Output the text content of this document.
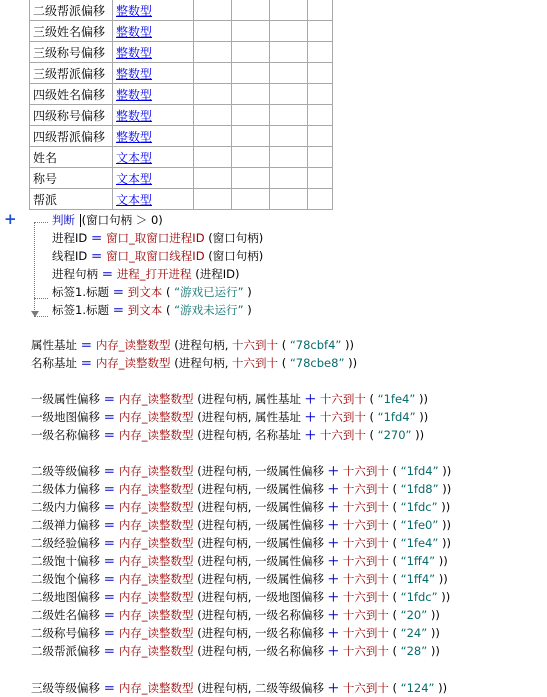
二级帮派偏移	整数型				
三级姓名偏移	整数型				
三级称号偏移	整数型				
三级帮派偏移	整数型				
四级姓名偏移	整数型				
四级称号偏移	整数型				
四级帮派偏移	整数型				
姓名	文本型				
称号	文本型				
帮派	文本型				
+	判断 (窗口句柄 ＞ 0)
进程ID ＝ 窗口_取窗口进程ID (窗口句柄)
线程ID ＝ 窗口_取窗口线程ID (窗口句柄)
进程句柄 ＝ 进程_打开进程 (进程ID)
标签1.标题 ＝ 到文本 ( “游戏已运行” )
标签1.标题 ＝ 到文本 ( “游戏未运行” )
属性基址 ＝ 内存_读整数型 (进程句柄, 十六到十 ( “78cbf4” ))
名称基址 ＝ 内存_读整数型 (进程句柄, 十六到十 ( “78cbe8” ))
一级属性偏移 ＝ 内存_读整数型 (进程句柄, 属性基址 ＋ 十六到十 ( “1fe4” ))
一级地图偏移 ＝ 内存_读整数型 (进程句柄, 属性基址 ＋ 十六到十 ( “1fd4” ))
一级名称偏移 ＝ 内存_读整数型 (进程句柄, 名称基址 ＋ 十六到十 ( “270” ))
二级等级偏移 ＝ 内存_读整数型 (进程句柄, 一级属性偏移 ＋ 十六到十 ( “1fd4” ))
二级体力偏移 ＝ 内存_读整数型 (进程句柄, 一级属性偏移 ＋ 十六到十 ( “1fd8” ))
二级内力偏移 ＝ 内存_读整数型 (进程句柄, 一级属性偏移 ＋ 十六到十 ( “1fdc” ))
二级禅力偏移 ＝ 内存_读整数型 (进程句柄, 一级属性偏移 ＋ 十六到十 ( “1fe0” ))
二级经验偏移 ＝ 内存_读整数型 (进程句柄, 一级属性偏移 ＋ 十六到十 ( “1fe4” ))
二级饱十偏移 ＝ 内存_读整数型 (进程句柄, 一级属性偏移 ＋ 十六到十 ( “1ff4” ))
二级饱个偏移 ＝ 内存_读整数型 (进程句柄, 一级属性偏移 ＋ 十六到十 ( “1ff4” ))
二级地图偏移 ＝ 内存_读整数型 (进程句柄, 一级地图偏移 ＋ 十六到十 ( “1fdc” ))
二级姓名偏移 ＝ 内存_读整数型 (进程句柄, 一级名称偏移 ＋ 十六到十 ( “20” ))
二级称号偏移 ＝ 内存_读整数型 (进程句柄, 一级名称偏移 ＋ 十六到十 ( “24” ))
二级帮派偏移 ＝ 内存_读整数型 (进程句柄, 一级名称偏移 ＋ 十六到十 ( “28” ))
三级等级偏移 ＝ 内存_读整数型 (进程句柄, 二级等级偏移 ＋ 十六到十 ( “124” ))
